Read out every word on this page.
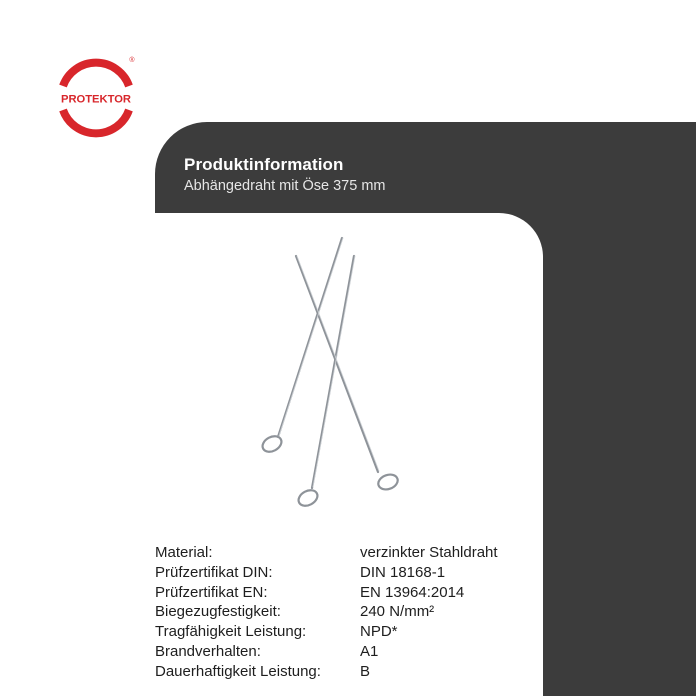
PROTEKTOR
®
Produktinformation

Abhängedraht mit Öse 375 mm

Material:	verzinkter Stahldraht
Prüfzertifikat DIN:	DIN 18168-1
Prüfzertifikat EN:	EN 13964:2014
Biegezugfestigkeit:	240 N/mm²
Tragfähigkeit Leistung:	NPD*
Brandverhalten:	A1
Dauerhaftigkeit Leistung:	B
